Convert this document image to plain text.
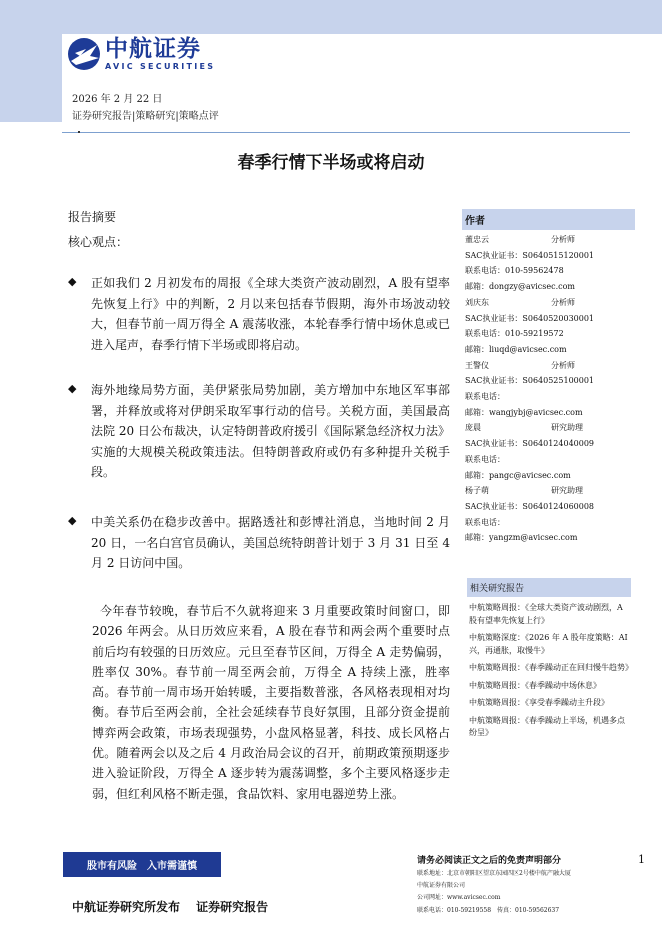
中航证券
AVIC SECURITIES
2026 年 2 月 22 日
证券研究报告|策略研究|策略点评
春季行情下半场或将启动
报告摘要
核心观点：
◆	正如我们 2 月初发布的周报《全球大类资产波动剧烈，A 股有望率先恢复上行》中的判断，2 月以来包括春节假期，海外市场波动较大，但春节前一周万得全 A 震荡收涨，本轮春季行情中场休息或已进入尾声，春季行情下半场或即将启动。

◆	海外地缘局势方面，美伊紧张局势加剧，美方增加中东地区军事部署，并释放或将对伊朗采取军事行动的信号。关税方面，美国最高法院 20 日公布裁决，认定特朗普政府援引《国际紧急经济权力法》实施的大规模关税政策违法。但特朗普政府或仍有多种提升关税手段。

◆	中美关系仍在稳步改善中。据路透社和彭博社消息，当地时间 2 月 20 日，一名白宫官员确认，美国总统特朗普计划于 3 月 31 日至 4 月 2 日访问中国。

今年春节较晚，春节后不久就将迎来 3 月重要政策时间窗口，即 2026 年两会。从日历效应来看，A 股在春节和两会两个重要时点前后均有较强的日历效应。元旦至春节区间，万得全 A 走势偏弱，胜率仅 30%。春节前一周至两会前，万得全 A 持续上涨，胜率高。春节前一周市场开始转暖，主要指数普涨，各风格表现相对均衡。春节后至两会前，全社会延续春节良好氛围，且部分资金提前博弈两会政策，市场表现强势，小盘风格显著，科技、成长风格占优。随着两会以及之后 4 月政治局会议的召开，前期政策预期逐步进入验证阶段，万得全 A 逐步转为震荡调整，多个主要风格逐步走弱，但红利风格不断走强，食品饮料、家用电器逆势上涨。

作者
董忠云	分析师
SAC执业证书：S0640515120001
联系电话：010-59562478
邮箱：dongzy@avicsec.com
刘庆东	分析师
SAC执业证书：S0640520030001
联系电话：010-59219572
邮箱：liuqd@avicsec.com
王警仪	分析师
SAC执业证书：S0640525100001
联系电话：
邮箱：wangjybj@avicsec.com
庞晨	研究助理
SAC执业证书：S0640124040009
联系电话：
邮箱：pangc@avicsec.com
杨子萌	研究助理
SAC执业证书：S0640124060008
联系电话：
邮箱：yangzm@avicsec.com
相关研究报告
中航策略周报：《全球大类资产波动剧烈，A 股有望率先恢复上行》
中航策略深度：《2026 年 A 股年度策略：AI 兴，再通胀，取慢牛》
中航策略周报：《春季躁动正在回归慢牛趋势》
中航策略周报：《春季躁动中场休息》
中航策略周报：《享受春季躁动主升段》
中航策略周报：《春季躁动上半场，机遇多点纷呈》
股市有风险　入市需谨慎
中航证券研究所发布　 证券研究报告
请务必阅读正文之后的免责声明部分	1
联系地址：北京市朝阳区望京东园四区2号楼中航产融大厦
中航证券有限公司
公司网址：www.avicsec.com
联系电话：010-59219558　传真：010-59562637
